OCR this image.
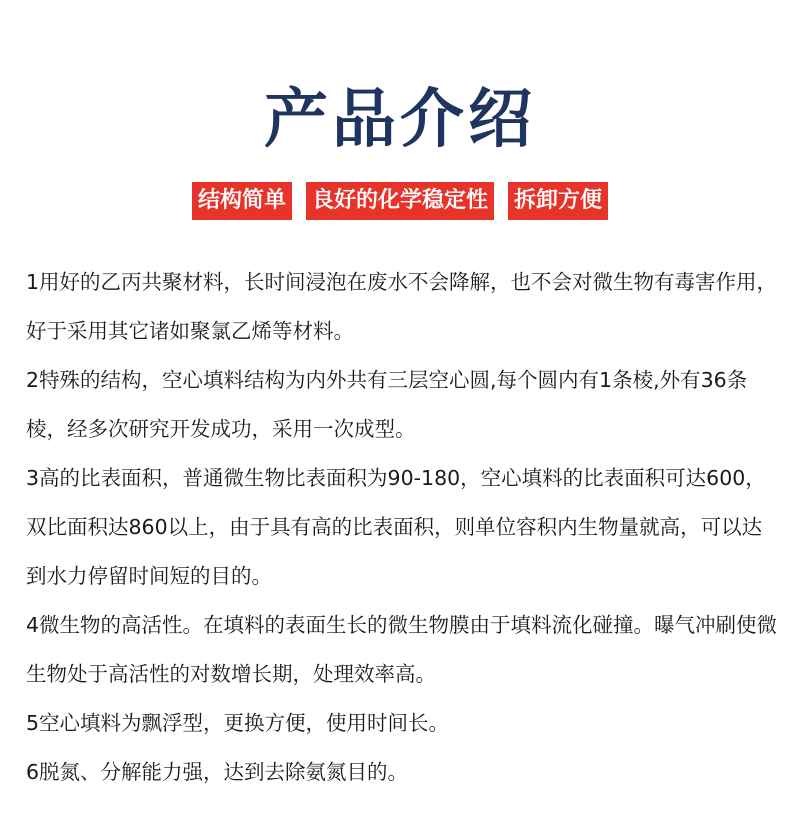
产品介绍
结构简单 良好的化学稳定性 拆卸方便

1用好的乙丙共聚材料，长时间浸泡在废水不会降解，也不会对微生物有毒害作用，好于采用其它诸如聚氯乙烯等材料。

2特殊的结构，空心填料结构为内外共有三层空心圆,每个圆内有1条棱,外有36条棱，经多次研究开发成功，采用一次成型。

3高的比表面积，普通微生物比表面积为90-180，空心填料的比表面积可达600，双比面积达860以上，由于具有高的比表面积，则单位容积内生物量就高，可以达到水力停留时间短的目的。

4微生物的高活性。在填料的表面生长的微生物膜由于填料流化碰撞。曝气冲刷使微生物处于高活性的对数增长期，处理效率高。

5空心填料为飘浮型，更换方便，使用时间长。

6脱氮、分解能力强，达到去除氨氮目的。
